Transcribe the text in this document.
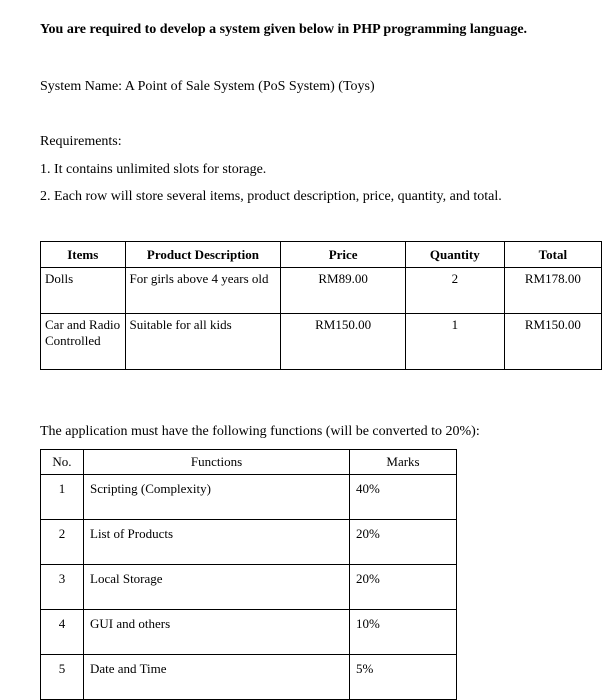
You are required to develop a system given below in PHP programming language.
System Name: A Point of Sale System (PoS System) (Toys)
Requirements:
1. It contains unlimited slots for storage.
2. Each row will store several items, product description, price, quantity, and total.
Items	Product Description	Price	Quantity	Total
Dolls	For girls above 4 years old	RM89.00	2	RM178.00
Car and Radio Controlled	Suitable for all kids	RM150.00	1	RM150.00
The application must have the following functions (will be converted to 20%):
No.	Functions	Marks
1	Scripting (Complexity)	40%
2	List of Products	20%
3	Local Storage	20%
4	GUI and others	10%
5	Date and Time	5%
